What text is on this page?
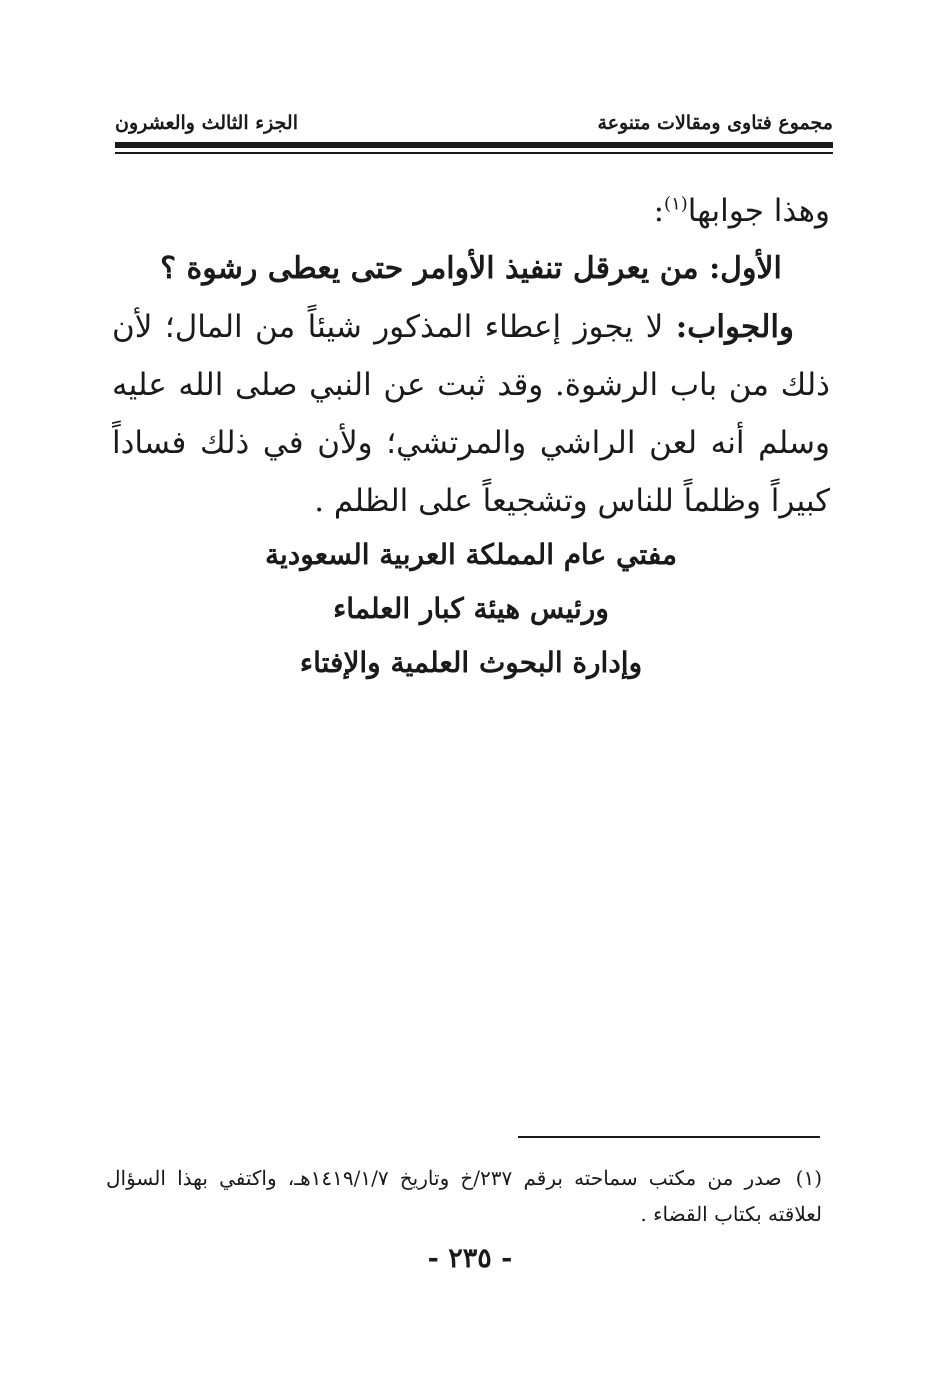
مجموع فتاوى ومقالات متنوعة
الجزء الثالث والعشرون

وهذا جوابها$^{(١)}$:

الأول: من يعرقل تنفيذ الأوامر حتى يعطى رشوة ؟

والجواب: لا يجوز إعطاء المذكور شيئاً من المال؛ لأن ذلك من باب الرشوة. وقد ثبت عن النبي صلى الله عليه وسلم أنه لعن الراشي والمرتشي؛ ولأن في ذلك فساداً كبيراً وظلماً للناس وتشجيعاً على الظلم .

مفتي عام المملكة العربية السعودية
ورئيس هيئة كبار العلماء
وإدارة البحوث العلمية والإفتاء
(١)صدر من مكتب سماحته برقم ٢٣٧/خ وتاريخ ١٤١٩/١/٧هـ، واكتفي بهذا السؤال لعلاقته بكتاب القضاء .
- ٢٣٥ -
